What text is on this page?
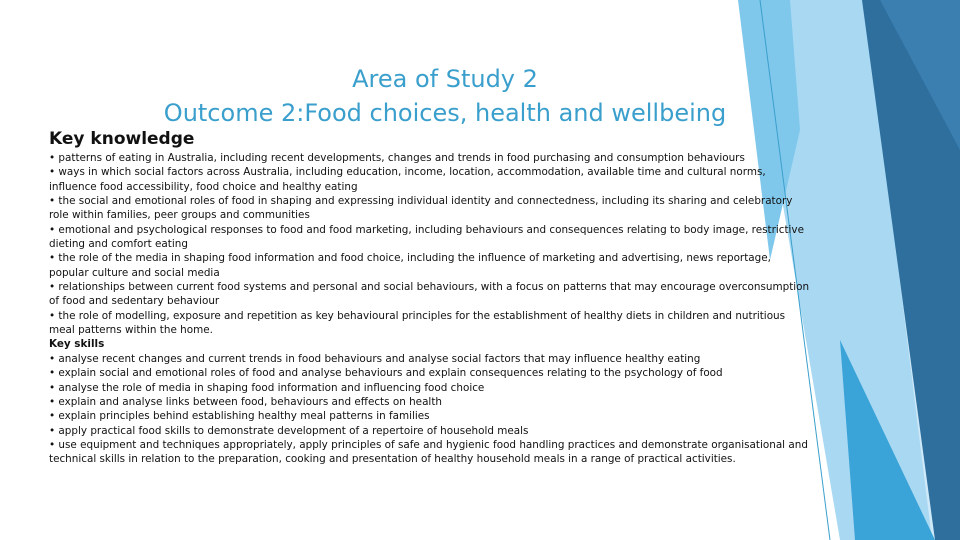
Area of Study 2
Outcome 2:Food choices, health and wellbeing
Key knowledge
• patterns of eating in Australia, including recent developments, changes and trends in food purchasing and consumption behaviours
• ways in which social factors across Australia, including education, income, location, accommodation, available time and cultural norms,
influence food accessibility, food choice and healthy eating
• the social and emotional roles of food in shaping and expressing individual identity and connectedness, including its sharing and celebratory
role within families, peer groups and communities
• emotional and psychological responses to food and food marketing, including behaviours and consequences relating to body image, restrictive
dieting and comfort eating
• the role of the media in shaping food information and food choice, including the influence of marketing and advertising, news reportage,
popular culture and social media
• relationships between current food systems and personal and social behaviours, with a focus on patterns that may encourage overconsumption
of food and sedentary behaviour
• the role of modelling, exposure and repetition as key behavioural principles for the establishment of healthy diets in children and nutritious
meal patterns within the home.
Key skills
• analyse recent changes and current trends in food behaviours and analyse social factors that may influence healthy eating
• explain social and emotional roles of food and analyse behaviours and explain consequences relating to the psychology of food
• analyse the role of media in shaping food information and influencing food choice
• explain and analyse links between food, behaviours and effects on health
• explain principles behind establishing healthy meal patterns in families
• apply practical food skills to demonstrate development of a repertoire of household meals
• use equipment and techniques appropriately, apply principles of safe and hygienic food handling practices and demonstrate organisational and technical skills in relation to the preparation, cooking and presentation of healthy household meals in a range of practical activities.
